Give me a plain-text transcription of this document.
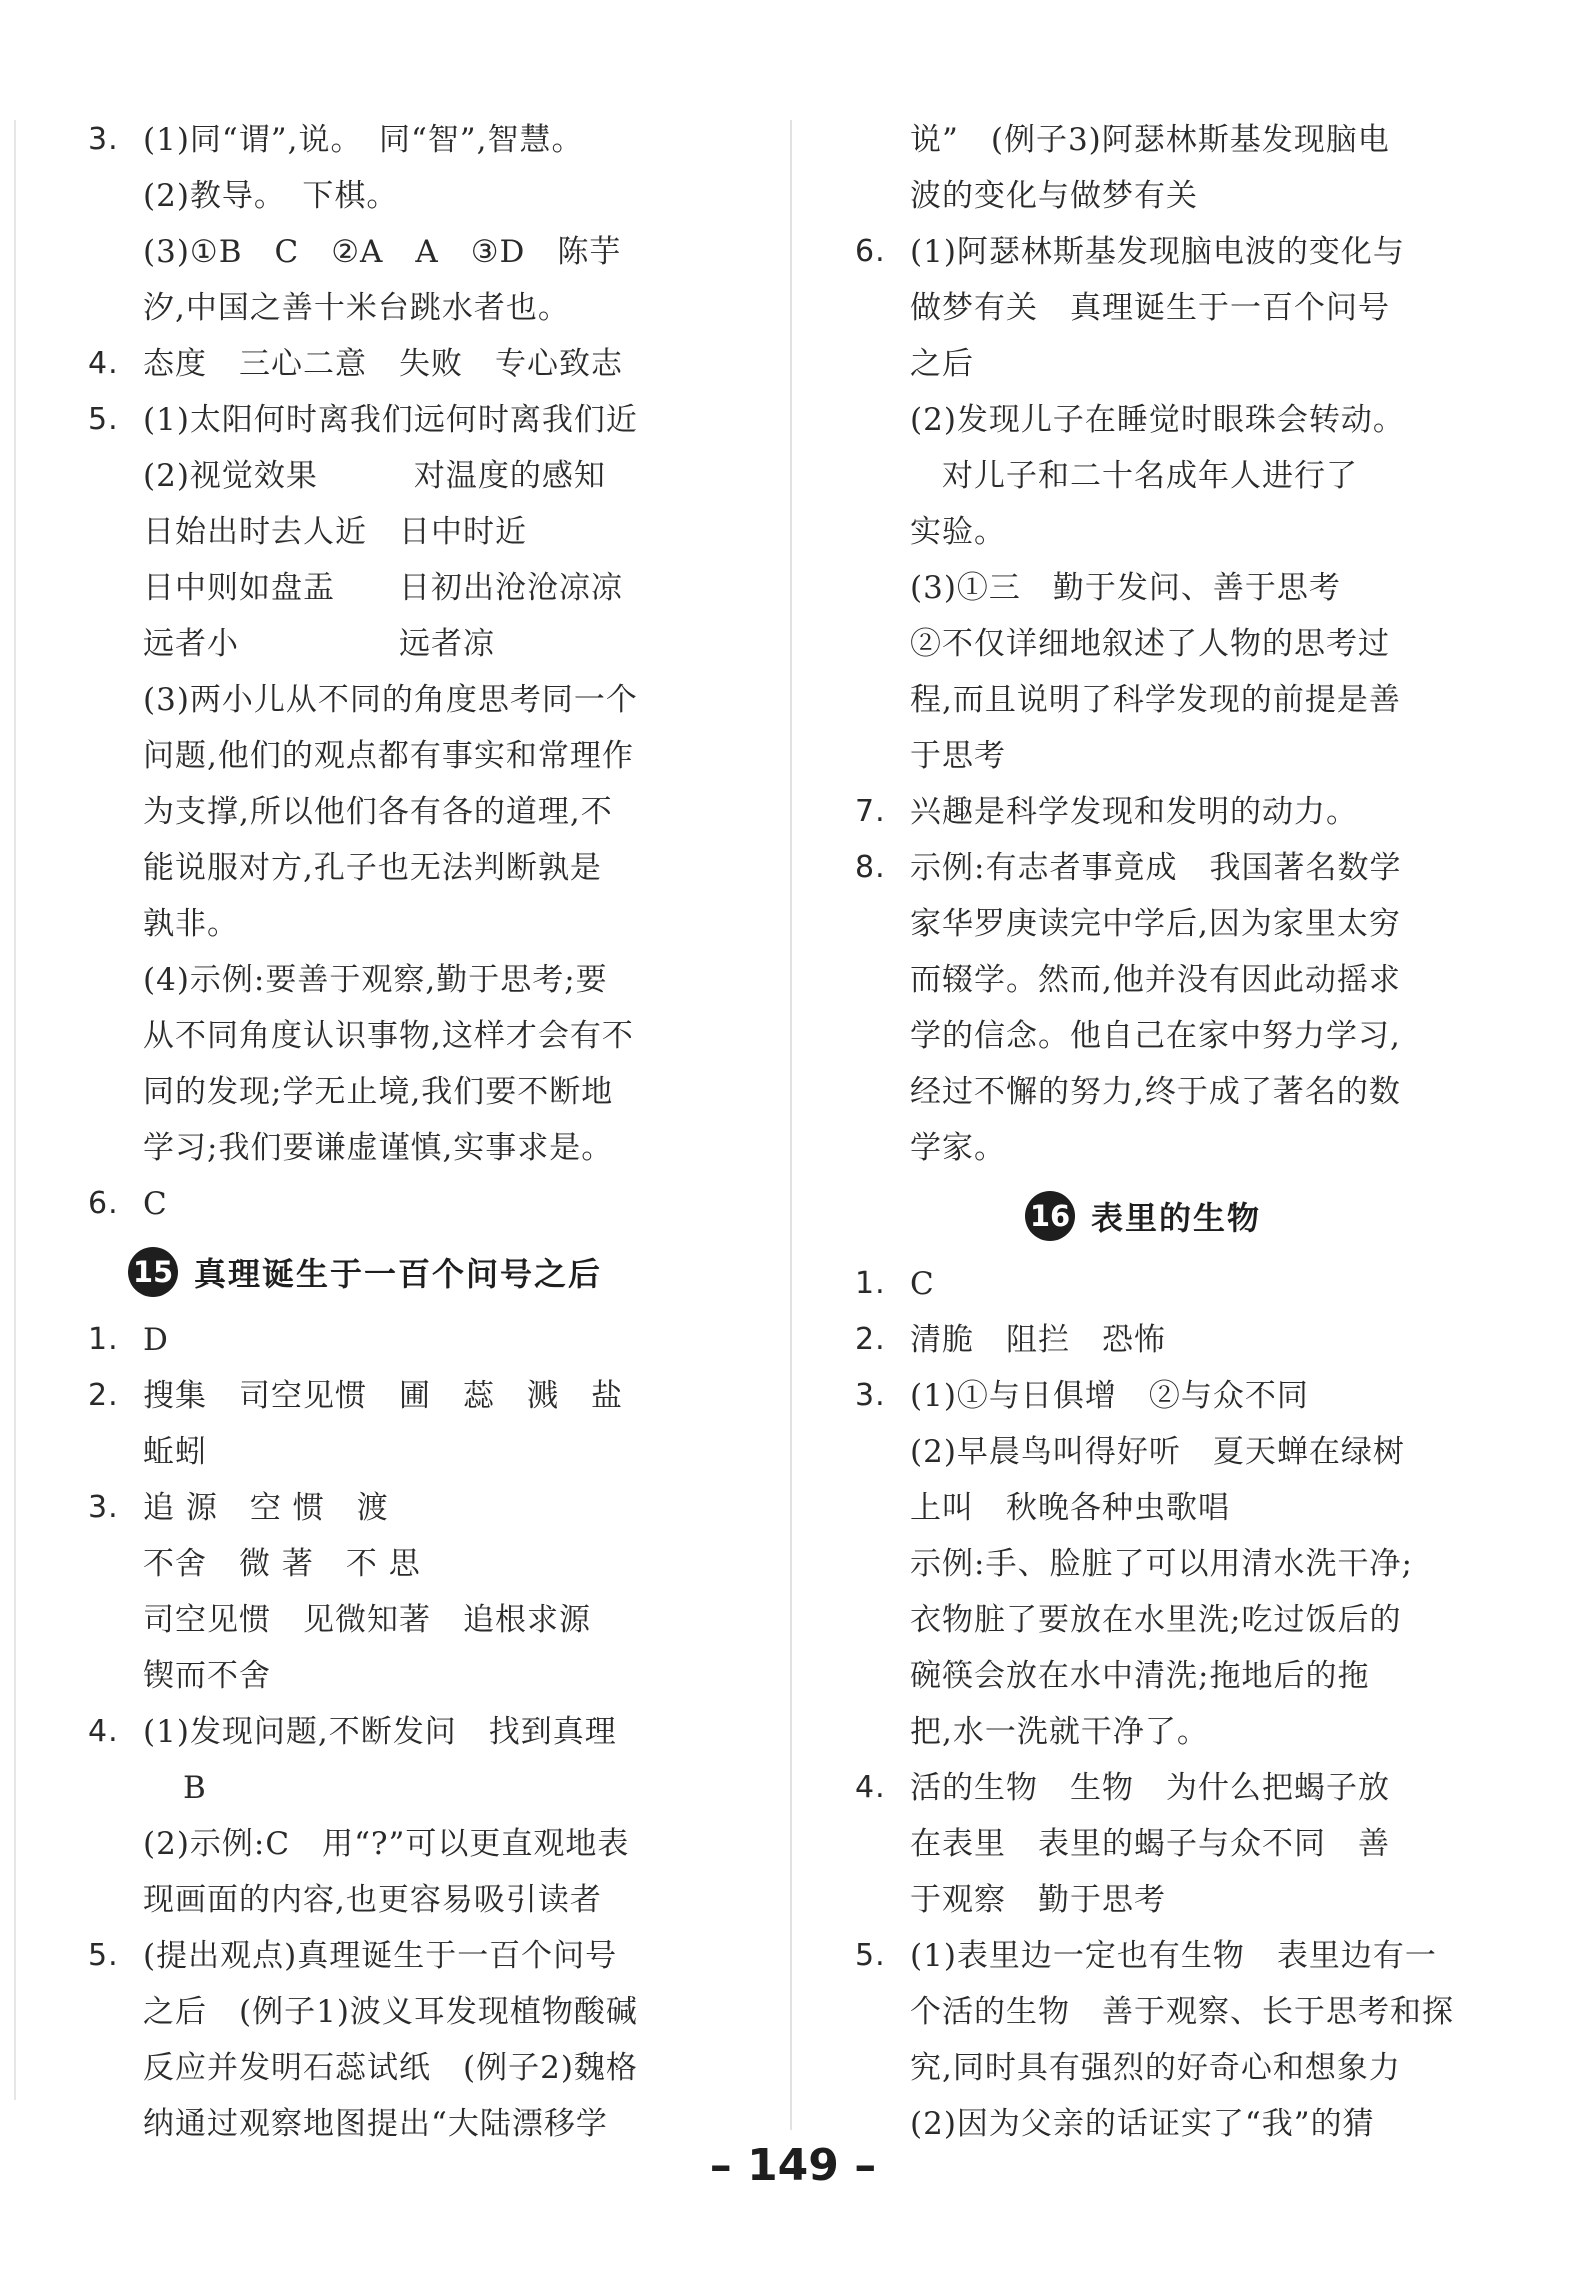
3. (1)同“谓”,说。　同“智”,智慧。
(2)教导。　下棋。
(3)①B　C　②A　A　③D　陈芋
汐,中国之善十米台跳水者也。
4. 态度　三心二意　失败　专心致志
5. (1)太阳何时离我们远何时离我们近
(2)视觉效果　　　对温度的感知
日始出时去人近　日中时近
日中则如盘盂　　日初出沧沧凉凉
远者小　　　　　远者凉
(3)两小儿从不同的角度思考同一个
问题,他们的观点都有事实和常理作
为支撑,所以他们各有各的道理,不
能说服对方,孔子也无法判断孰是
孰非。
(4)示例:要善于观察,勤于思考;要
从不同角度认识事物,这样才会有不
同的发现;学无止境,我们要不断地
学习;我们要谦虚谨慎,实事求是。
6. C
15 真理诞生于一百个问号之后
1. D
2. 搜集　司空见惯　圃　蕊　溅　盐
蚯蚓
3. 追 源　空 惯　渡
不舍　微 著　不 思
司空见惯　见微知著　追根求源
锲而不舍
4. (1)发现问题,不断发问　找到真理
B
(2)示例:C　用“?”可以更直观地表
现画面的内容,也更容易吸引读者
5. (提出观点)真理诞生于一百个问号
之后　(例子1)波义耳发现植物酸碱
反应并发明石蕊试纸　(例子2)魏格
纳通过观察地图提出“大陆漂移学
说”　(例子3)阿瑟林斯基发现脑电
波的变化与做梦有关
6. (1)阿瑟林斯基发现脑电波的变化与
做梦有关　真理诞生于一百个问号
之后
(2)发现儿子在睡觉时眼珠会转动。
　对儿子和二十名成年人进行了
实验。
(3)①三　勤于发问、善于思考
②不仅详细地叙述了人物的思考过
程,而且说明了科学发现的前提是善
于思考
7. 兴趣是科学发现和发明的动力。
8. 示例:有志者事竟成　我国著名数学
家华罗庚读完中学后,因为家里太穷
而辍学。然而,他并没有因此动摇求
学的信念。他自己在家中努力学习,
经过不懈的努力,终于成了著名的数
学家。
16 表里的生物
1. C
2. 清脆　阻拦　恐怖
3. (1)①与日俱增　②与众不同
(2)早晨鸟叫得好听　夏天蝉在绿树
上叫　秋晚各种虫歌唱
示例:手、脸脏了可以用清水洗干净;
衣物脏了要放在水里洗;吃过饭后的
碗筷会放在水中清洗;拖地后的拖
把,水一洗就干净了。
4. 活的生物　生物　为什么把蝎子放
在表里　表里的蝎子与众不同　善
于观察　勤于思考
5. (1)表里边一定也有生物　表里边有一
个活的生物　善于观察、长于思考和探
究,同时具有强烈的好奇心和想象力
(2)因为父亲的话证实了“我”的猜
– 149 –
